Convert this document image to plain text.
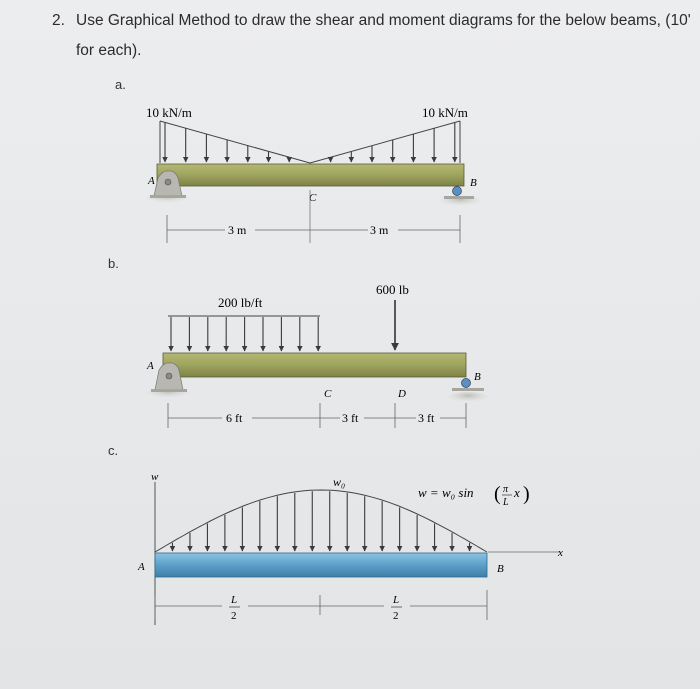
2. Use Graphical Method to draw the shear and moment diagrams for the below beams, (10'
for each).
a.
b.
c.
10 kN/m	10 kN/m
A	B
C
3 m	3 m
200 lb/ft
600 lb
A
B
C	D
6 ft	3 ft	3 ft
w	w₀
w = w₀ sin ( π
L
x )
x
A	B
L
2
L
2
